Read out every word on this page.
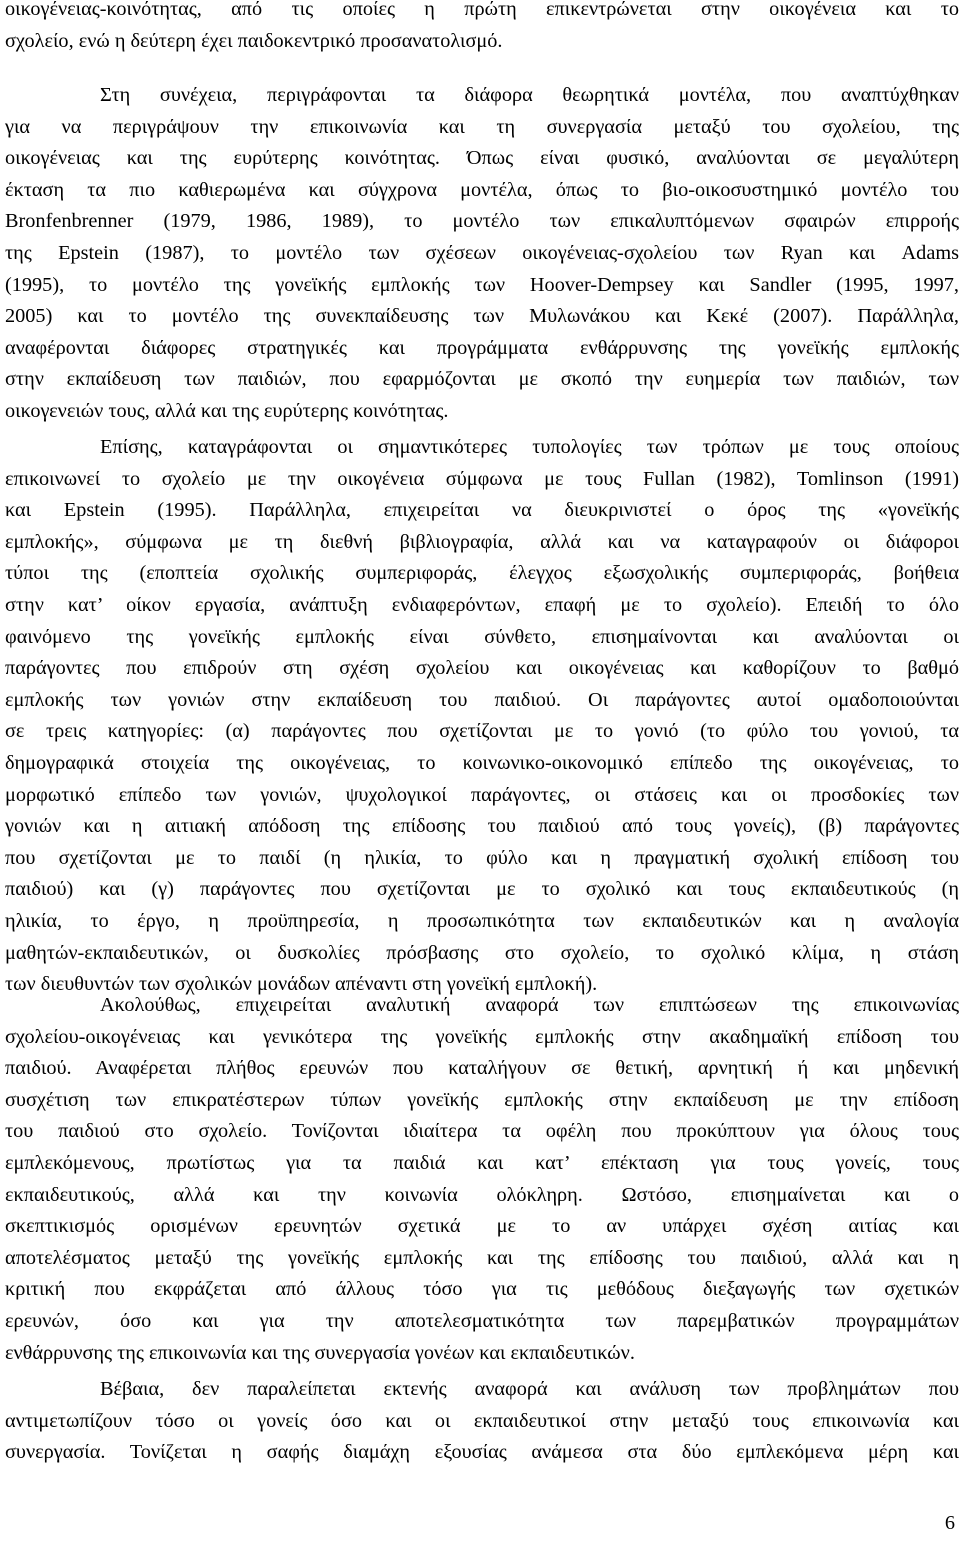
οικογένειας-κοινότητας, από τις οποίες η πρώτη επικεντρώνεται στην οικογένεια και το
σχολείο, ενώ η δεύτερη έχει παιδοκεντρικό προσανατολισμό.
Στη συνέχεια, περιγράφονται τα διάφορα θεωρητικά μοντέλα, που αναπτύχθηκαν
για να περιγράψουν την επικοινωνία και τη συνεργασία μεταξύ του σχολείου, της
οικογένειας και της ευρύτερης κοινότητας. Όπως είναι φυσικό, αναλύονται σε μεγαλύτερη
έκταση τα πιο καθιερωμένα και σύγχρονα μοντέλα, όπως το βιο-οικοσυστημικό μοντέλο του
Bronfenbrenner (1979, 1986, 1989), το μοντέλο των επικαλυπτόμενων σφαιρών επιρροής
της Epstein (1987), το μοντέλο των σχέσεων οικογένειας-σχολείου των Ryan και Adams
(1995), το μοντέλο της γονεϊκής εμπλοκής των Hoover-Dempsey και Sandler (1995, 1997,
2005) και το μοντέλο της συνεκπαίδευσης των Μυλωνάκου και Κεκέ (2007). Παράλληλα,
αναφέρονται διάφορες στρατηγικές και προγράμματα ενθάρρυνσης της γονεϊκής εμπλοκής
στην εκπαίδευση των παιδιών, που εφαρμόζονται με σκοπό την ευημερία των παιδιών, των
οικογενειών τους, αλλά και της ευρύτερης κοινότητας.
Επίσης, καταγράφονται οι σημαντικότερες τυπολογίες των τρόπων με τους οποίους
επικοινωνεί το σχολείο με την οικογένεια σύμφωνα με τους Fullan (1982), Tomlinson (1991)
και Epstein (1995). Παράλληλα, επιχειρείται να διευκρινιστεί ο όρος της «γονεϊκής
εμπλοκής», σύμφωνα με τη διεθνή βιβλιογραφία, αλλά και να καταγραφούν οι διάφοροι
τύποι της (εποπτεία σχολικής συμπεριφοράς, έλεγχος εξωσχολικής συμπεριφοράς, βοήθεια
στην κατ’ οίκον εργασία, ανάπτυξη ενδιαφερόντων, επαφή με το σχολείο). Επειδή το όλο
φαινόμενο της γονεϊκής εμπλοκής είναι σύνθετο, επισημαίνονται και αναλύονται οι
παράγοντες που επιδρούν στη σχέση σχολείου και οικογένειας και καθορίζουν το βαθμό
εμπλοκής των γονιών στην εκπαίδευση του παιδιού. Οι παράγοντες αυτοί ομαδοποιούνται
σε τρεις κατηγορίες: (α) παράγοντες που σχετίζονται με το γονιό (το φύλο του γονιού, τα
δημογραφικά στοιχεία της οικογένειας, το κοινωνικο-οικονομικό επίπεδο της οικογένειας, το
μορφωτικό επίπεδο των γονιών, ψυχολογικοί παράγοντες, οι στάσεις και οι προσδοκίες των
γονιών και η αιτιακή απόδοση της επίδοσης του παιδιού από τους γονείς), (β) παράγοντες
που σχετίζονται με το παιδί (η ηλικία, το φύλο και η πραγματική σχολική επίδοση του
παιδιού) και (γ) παράγοντες που σχετίζονται με το σχολικό και τους εκπαιδευτικούς (η
ηλικία, το έργο, η προϋπηρεσία, η προσωπικότητα των εκπαιδευτικών και η αναλογία
μαθητών-εκπαιδευτικών, οι δυσκολίες πρόσβασης στο σχολείο, το σχολικό κλίμα, η στάση
των διευθυντών των σχολικών μονάδων απέναντι στη γονεϊκή εμπλοκή).
Ακολούθως, επιχειρείται αναλυτική αναφορά των επιπτώσεων της επικοινωνίας
σχολείου-οικογένειας και γενικότερα της γονεϊκής εμπλοκής στην ακαδημαϊκή επίδοση του
παιδιού. Αναφέρεται πλήθος ερευνών που καταλήγουν σε θετική, αρνητική ή και μηδενική
συσχέτιση των επικρατέστερων τύπων γονεϊκής εμπλοκής στην εκπαίδευση με την επίδοση
του παιδιού στο σχολείο. Τονίζονται ιδιαίτερα τα οφέλη που προκύπτουν για όλους τους
εμπλεκόμενους, πρωτίστως για τα παιδιά και κατ’ επέκταση για τους γονείς, τους
εκπαιδευτικούς, αλλά και την κοινωνία ολόκληρη. Ωστόσο, επισημαίνεται και ο
σκεπτικισμός ορισμένων ερευνητών σχετικά με το αν υπάρχει σχέση αιτίας και
αποτελέσματος μεταξύ της γονεϊκής εμπλοκής και της επίδοσης του παιδιού, αλλά και η
κριτική που εκφράζεται από άλλους τόσο για τις μεθόδους διεξαγωγής των σχετικών
ερευνών, όσο και για την αποτελεσματικότητα των παρεμβατικών προγραμμάτων
ενθάρρυνσης της επικοινωνία και της συνεργασία γονέων και εκπαιδευτικών.
Βέβαια, δεν παραλείπεται εκτενής αναφορά και ανάλυση των προβλημάτων που
αντιμετωπίζουν τόσο οι γονείς όσο και οι εκπαιδευτικοί στην μεταξύ τους επικοινωνία και
συνεργασία. Τονίζεται η σαφής διαμάχη εξουσίας ανάμεσα στα δύο εμπλεκόμενα μέρη και
6
